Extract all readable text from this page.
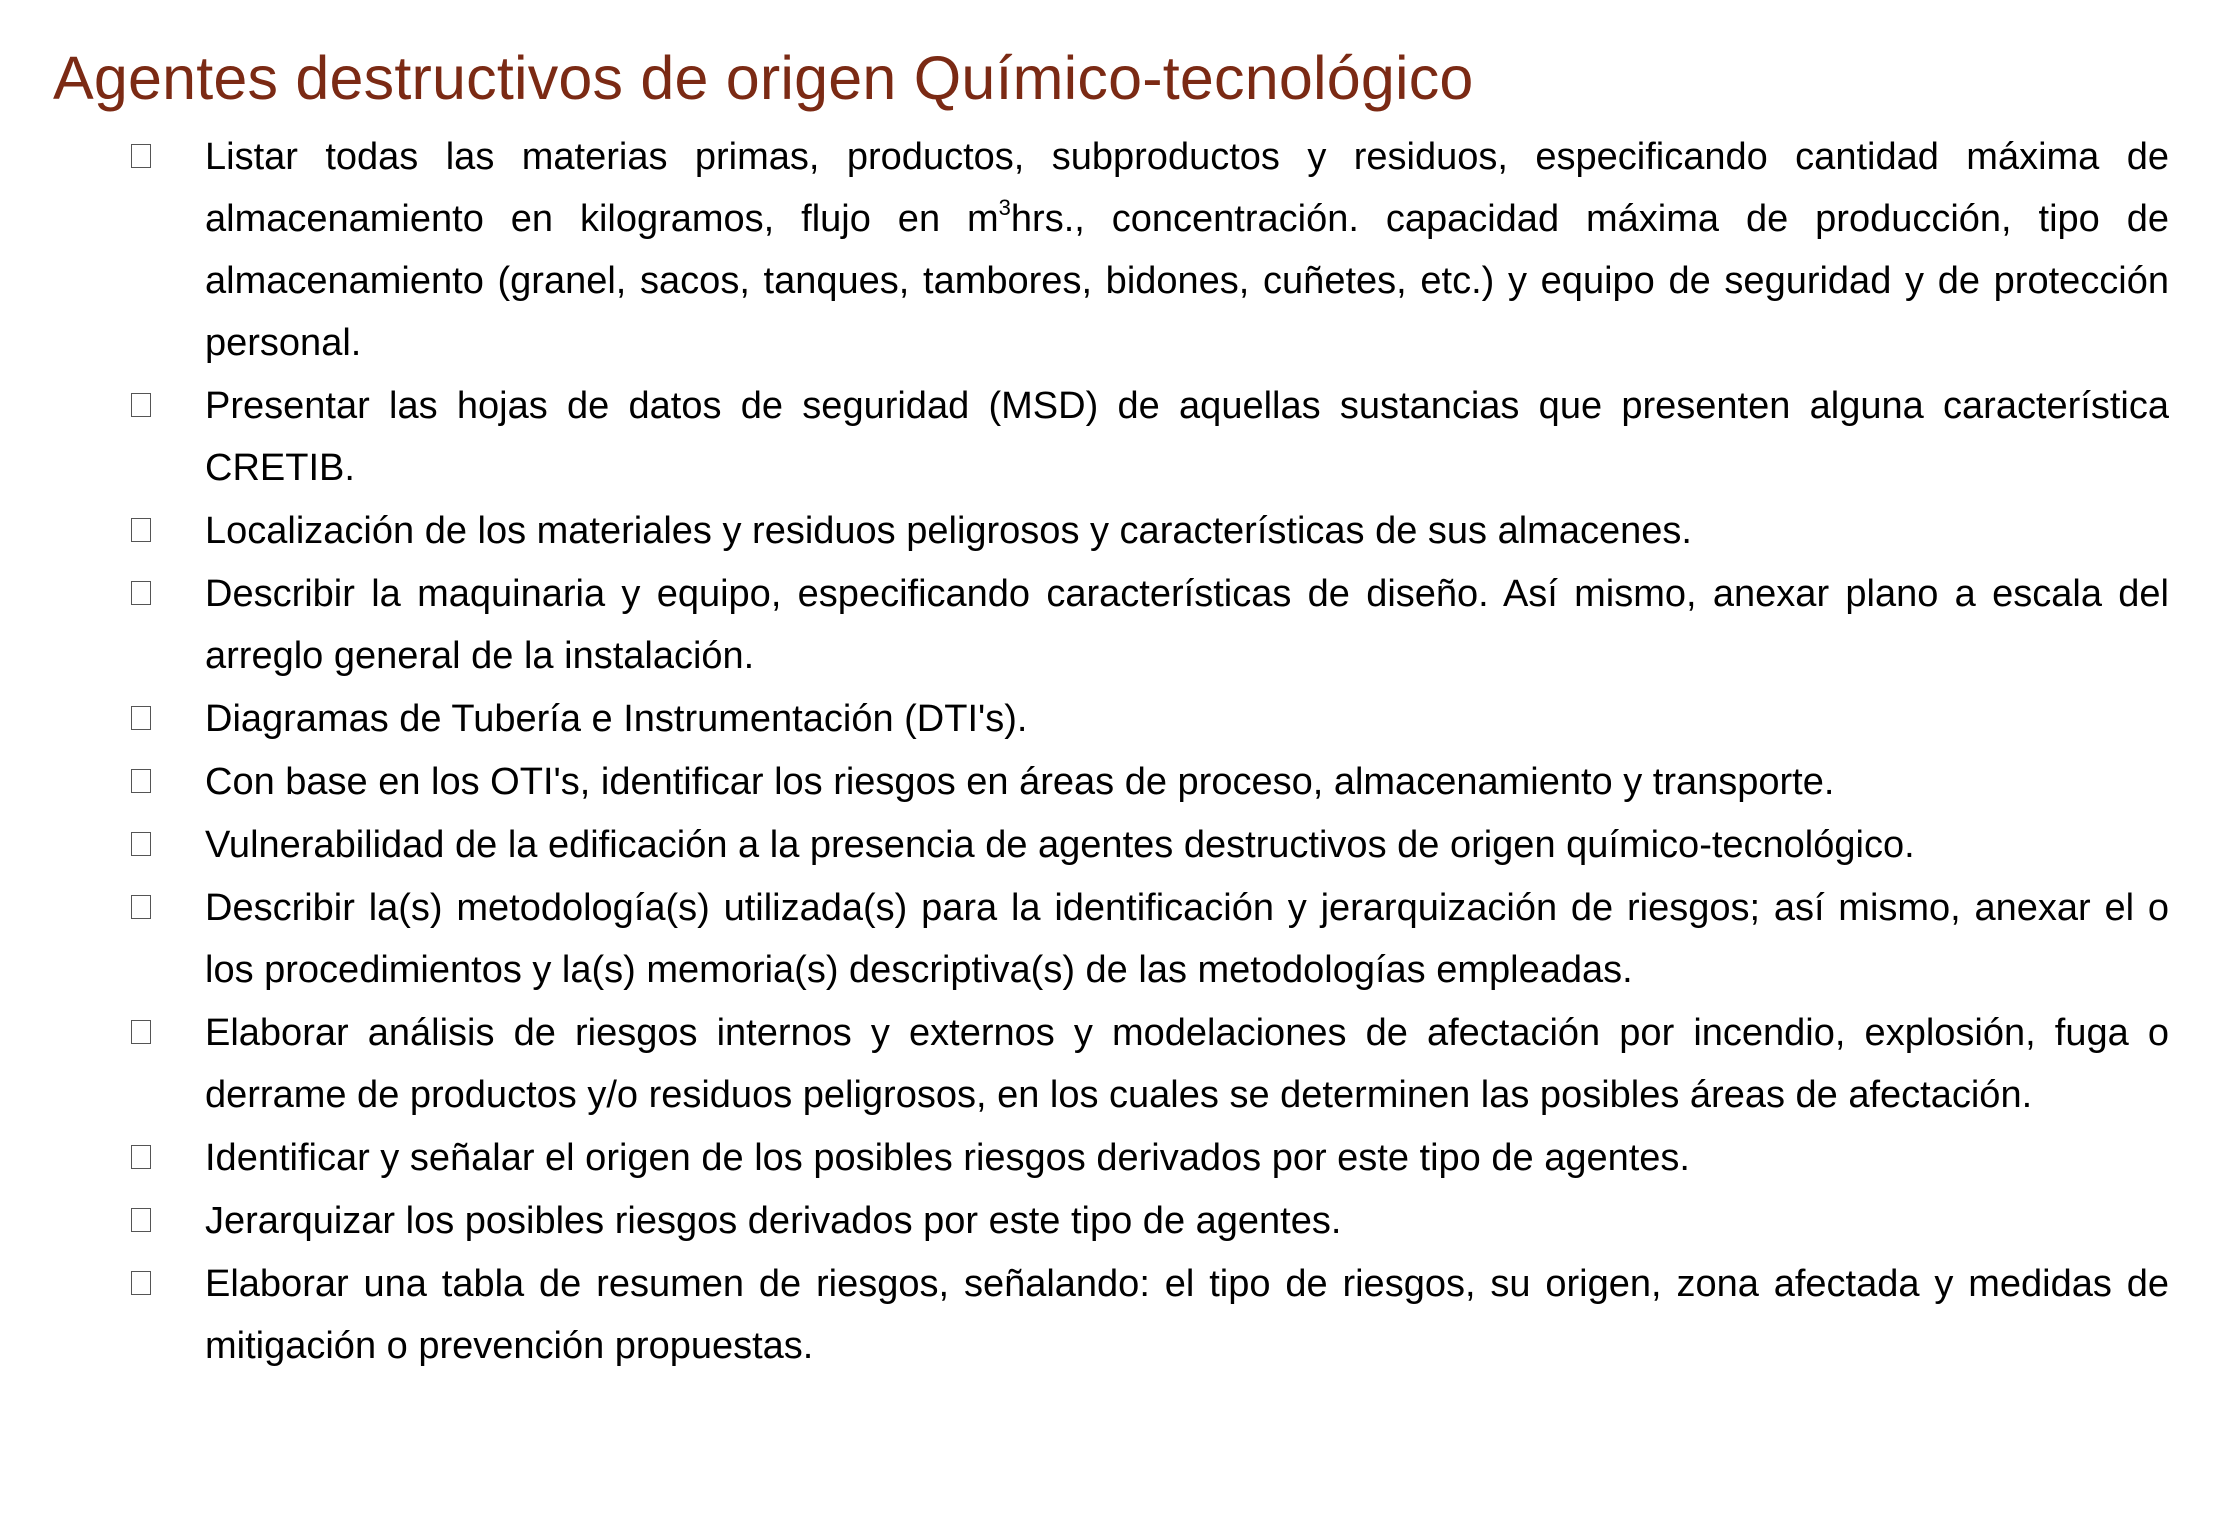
Agentes destructivos de origen Químico-tecnológico

Listar todas las materias primas, productos, subproductos y residuos, especificando cantidad máxima de almacenamiento en kilogramos, flujo en $m^3hrs$., concentración. capacidad máxima de producción, tipo de almacenamiento (granel, sacos, tanques, tambores, bidones, cuñetes, etc.) y equipo de seguridad y de protección personal.

Presentar las hojas de datos de seguridad (MSD) de aquellas sustancias que presenten alguna característica CRETIB.

Localización de los materiales y residuos peligrosos y características de sus almacenes.

Describir la maquinaria y equipo, especificando características de diseño. Así mismo, anexar plano a escala del arreglo general de la instalación.

Diagramas de Tubería e Instrumentación (DTI's).

Con base en los OTI's, identificar los riesgos en áreas de proceso, almacenamiento y transporte.

Vulnerabilidad de la edificación a la presencia de agentes destructivos de origen químico-tecnológico.

Describir la(s) metodología(s) utilizada(s) para la identificación y jerarquización de riesgos; así mismo, anexar el o los procedimientos y la(s) memoria(s) descriptiva(s) de las metodologías empleadas.

Elaborar análisis de riesgos internos y externos y modelaciones de afectación por incendio, explosión, fuga o derrame de productos y/o residuos peligrosos, en los cuales se determinen las posibles áreas de afectación.

Identificar y señalar el origen de los posibles riesgos derivados por este tipo de agentes.

Jerarquizar los posibles riesgos derivados por este tipo de agentes.

Elaborar una tabla de resumen de riesgos, señalando: el tipo de riesgos, su origen, zona afectada y medidas de mitigación o prevención propuestas.
